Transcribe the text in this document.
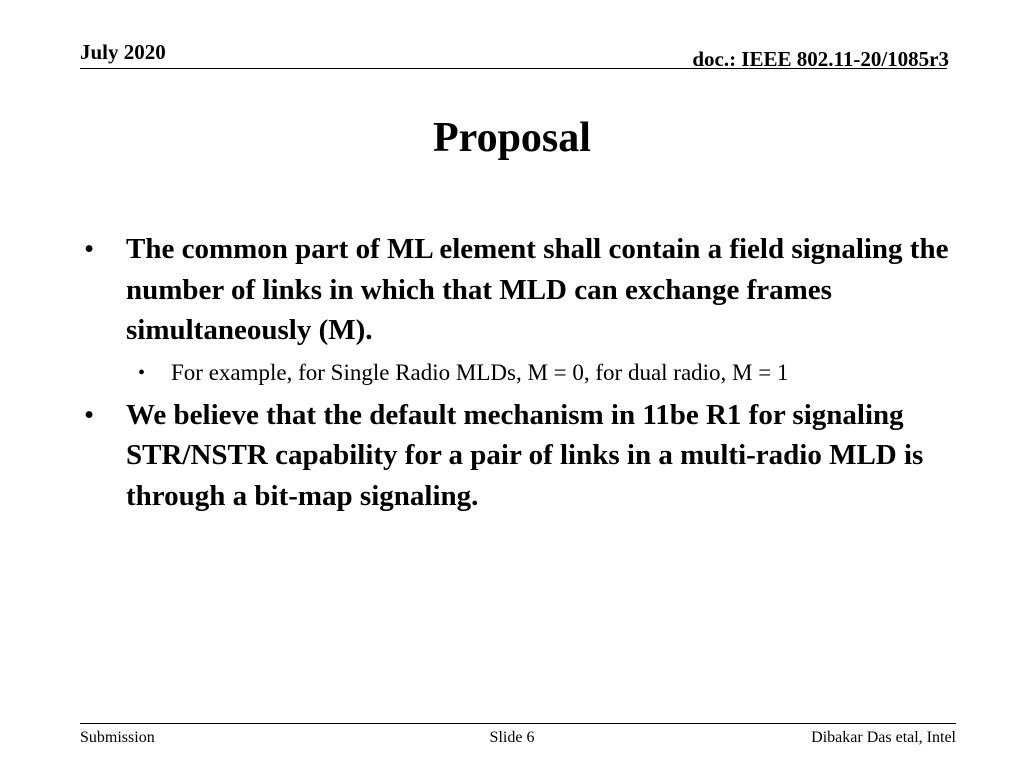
July 2020	doc.: IEEE 802.11-20/1085r3
Proposal
• The common part of ML element shall contain a field signaling the number of links in which that MLD can exchange frames simultaneously (M).
• For example, for Single Radio MLDs, M = 0, for dual radio, M = 1
• We believe that the default mechanism in 11be R1 for signaling STR/NSTR capability for a pair of links in a multi-radio MLD is through a bit-map signaling.
Submission	Slide 6	Dibakar Das etal, Intel
